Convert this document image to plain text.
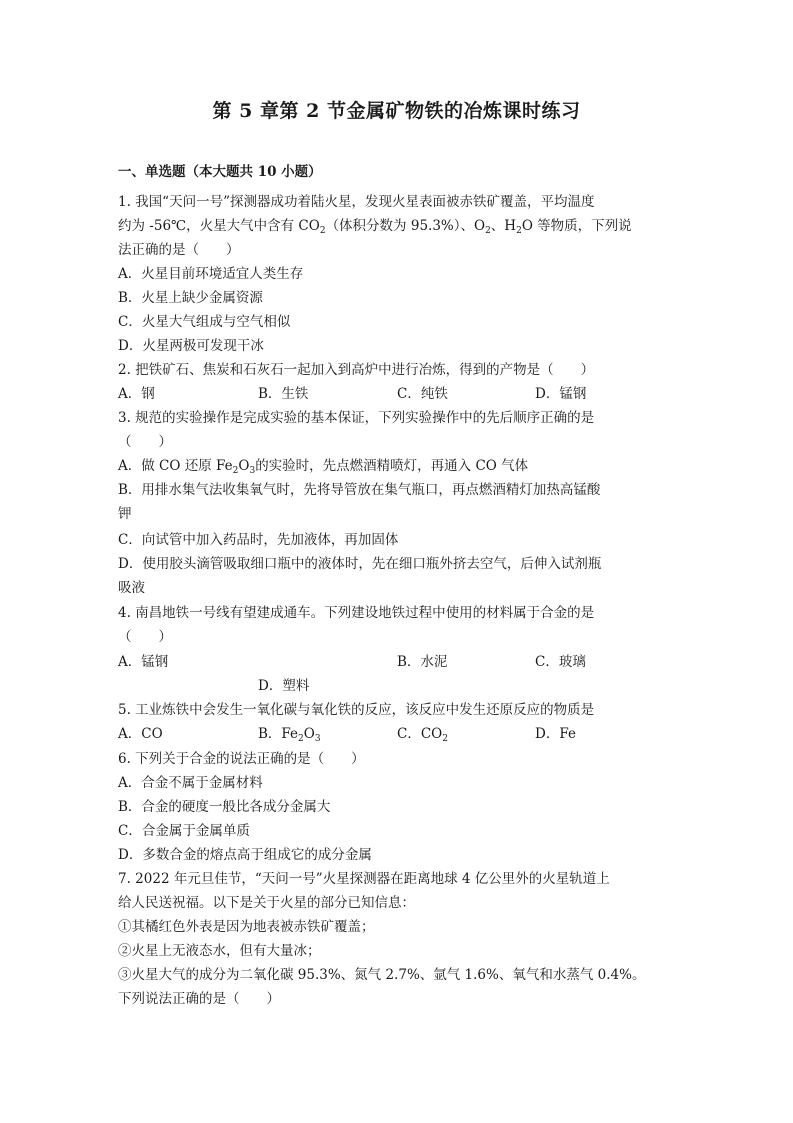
第 5 章第 2 节金属矿物铁的冶炼课时练习
一、单选题（本大题共 10 小题）
1. 我国“天问一号”探测器成功着陆火星，发现火星表面被赤铁矿覆盖，平均温度
约为 -56℃，火星大气中含有 $CO_2$（体积分数为 95.3%）、$O_2$、$H_2O$ 等物质，下列说
法正确的是（　　）
A．火星目前环境适宜人类生存
B．火星上缺少金属资源
C．火星大气组成与空气相似
D．火星两极可发现干冰
2. 把铁矿石、焦炭和石灰石一起加入到高炉中进行冶炼，得到的产物是（　　）
A．钢	B．生铁	C．纯铁	D．锰钢
3. 规范的实验操作是完成实验的基本保证，下列实验操作中的先后顺序正确的是
（　　）
A．做 CO 还原 $Fe_2O_3$的实验时，先点燃酒精喷灯，再通入 CO 气体
B．用排水集气法收集氧气时，先将导管放在集气瓶口，再点燃酒精灯加热高锰酸
钾
C．向试管中加入药品时，先加液体，再加固体
D．使用胶头滴管吸取细口瓶中的液体时，先在细口瓶外挤去空气，后伸入试剂瓶
吸液
4. 南昌地铁一号线有望建成通车。下列建设地铁过程中使用的材料属于合金的是
（　　）
A．锰钢	B．水泥	C．玻璃
D．塑料
5. 工业炼铁中会发生一氧化碳与氧化铁的反应，该反应中发生还原反应的物质是
A．CO	B．$Fe_2O_3$	C．$CO_2$	D．Fe
6. 下列关于合金的说法正确的是（　　）
A．合金不属于金属材料
B．合金的硬度一般比各成分金属大
C．合金属于金属单质
D．多数合金的熔点高于组成它的成分金属
7. 2022 年元旦佳节，“天问一号”火星探测器在距离地球 4 亿公里外的火星轨道上
给人民送祝福。以下是关于火星的部分已知信息：
①其橘红色外表是因为地表被赤铁矿覆盖；
②火星上无液态水，但有大量冰；
③火星大气的成分为二氧化碳 95.3%、氮气 2.7%、氩气 1.6%、氧气和水蒸气 0.4%。
下列说法正确的是（　　）
